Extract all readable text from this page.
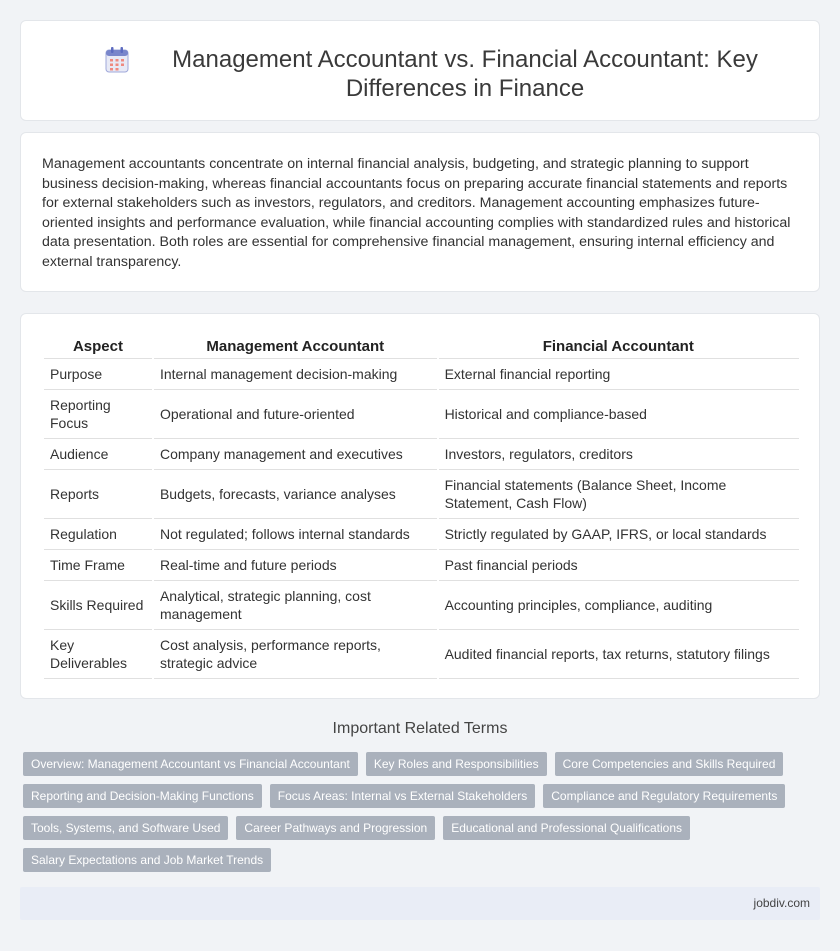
Management Accountant vs. Financial Accountant: Key Differences in Finance

Management accountants concentrate on internal financial analysis, budgeting, and strategic planning to support business decision-making, whereas financial accountants focus on preparing accurate financial statements and reports for external stakeholders such as investors, regulators, and creditors. Management accounting emphasizes future-oriented insights and performance evaluation, while financial accounting complies with standardized rules and historical data presentation. Both roles are essential for comprehensive financial management, ensuring internal efficiency and external transparency.

Aspect	Management Accountant	Financial Accountant
Purpose	Internal management decision-making	External financial reporting
Reporting Focus	Operational and future-oriented	Historical and compliance-based
Audience	Company management and executives	Investors, regulators, creditors
Reports	Budgets, forecasts, variance analyses	Financial statements (Balance Sheet, Income Statement, Cash Flow)
Regulation	Not regulated; follows internal standards	Strictly regulated by GAAP, IFRS, or local standards
Time Frame	Real-time and future periods	Past financial periods
Skills Required	Analytical, strategic planning, cost management	Accounting principles, compliance, auditing
Key Deliverables	Cost analysis, performance reports, strategic advice	Audited financial reports, tax returns, statutory filings
Important Related Terms
Overview: Management Accountant vs Financial Accountant	Key Roles and Responsibilities	Core Competencies and Skills Required
Reporting and Decision-Making Functions	Focus Areas: Internal vs External Stakeholders	Compliance and Regulatory Requirements
Tools, Systems, and Software Used	Career Pathways and Progression	Educational and Professional Qualifications
Salary Expectations and Job Market Trends
jobdiv.com
